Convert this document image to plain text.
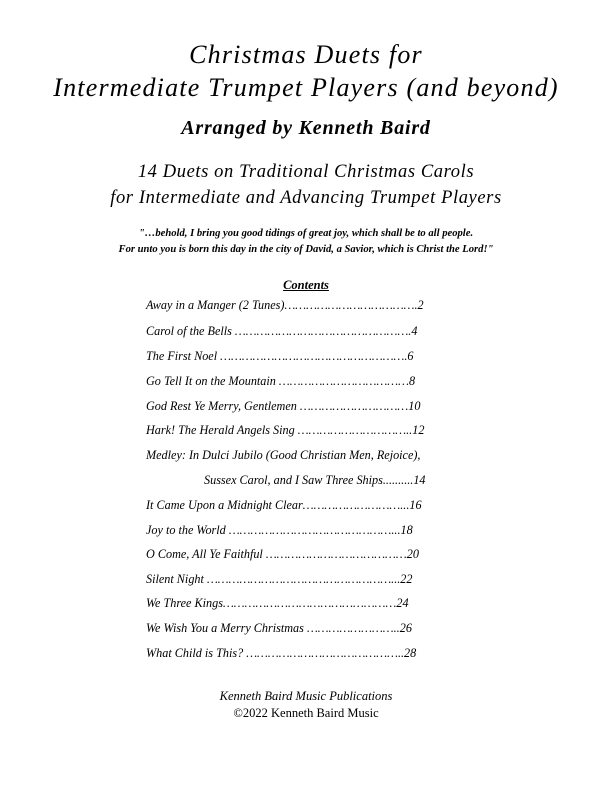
Christmas Duets for
Intermediate Trumpet Players (and beyond)
Arranged by Kenneth Baird
14 Duets on Traditional Christmas Carols
for Intermediate and Advancing Trumpet Players
"…behold, I bring you good tidings of great joy, which shall be to all people.
For unto you is born this day in the city of David, a Savior, which is Christ the Lord!"
Contents
Away in a Manger (2 Tunes)……………………………….2
Carol of the Bells ………………………………………….4
The First Noel …………………………………………….6
Go Tell It on the Mountain ………………………………8
God Rest Ye Merry, Gentlemen …………………………10
Hark! The Herald Angels Sing …………………………..12
Medley: In Dulci Jubilo (Good Christian Men, Rejoice),
Sussex Carol, and I Saw Three Ships..........14
It Came Upon a Midnight Clear………………………...16
Joy to the World ………………………………………...18
O Come, All Ye Faithful …………………………………20
Silent Night ……………………………………………...22
We Three Kings…………………………………………24
We Wish You a Merry Christmas ……………………..26
What Child is This? ……………………………………..28
Kenneth Baird Music Publications
©2022 Kenneth Baird Music
